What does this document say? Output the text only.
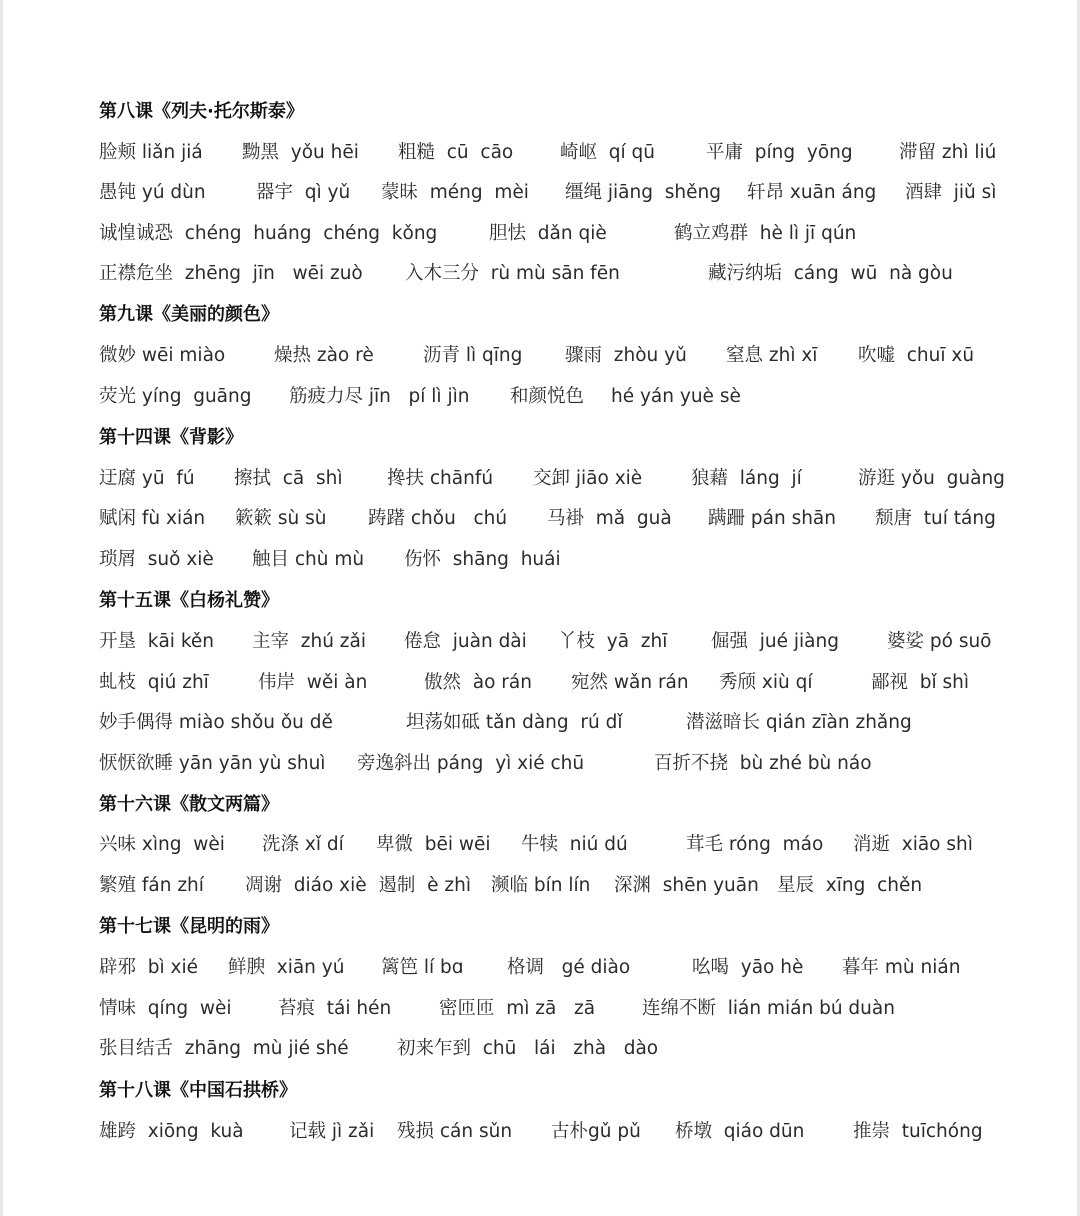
第八课《列夫·托尔斯泰》
脸颊 liǎn jiá 黝黑  yǒu hēi 粗糙  cū  cāo	崎岖  qí qū	平庸  píng  yōng	滞留 zhì liú
愚钝 yú dùn	器宇  qì yǔ 蒙昧  méng  mèi 缰绳 jiāng  shěng 轩昂 xuān áng 酒肆  jiǔ sì
诚惶诚恐  chéng  huáng  chéng  kǒng	胆怯  dǎn qiè	鹤立鸡群  hè lì jī qún
正襟危坐  zhēng  jīn   wēi zuò 入木三分  rù mù sān fēn	藏污纳垢  cáng  wū  nà gòu
第九课《美丽的颜色》
微妙 wēi miào	燥热 zào rè	沥青 lì qīng 骤雨  zhòu yǔ 窒息 zhì xī 吹嘘  chuī xū
荧光 yíng  guāng 筋疲力尽 jīn   pí lì jìn 和颜悦色 hé yán yuè sè
第十四课《背影》
迂腐 yū  fú 擦拭  cā  shì 搀扶 chānfú 交卸 jiāo xiè	狼藉  láng  jí	游逛 yǒu  guàng
赋闲 fù xián 簌簌 sù sù 踌躇 chǒu   chú 马褂  mǎ  guà 蹒跚 pán shān 颓唐  tuí táng
琐屑  suǒ xiè 触目 chù mù 伤怀  shāng  huái
第十五课《白杨礼赞》
开垦  kāi kěn 主宰  zhú zǎi 倦怠  juàn dài 丫枝  yā  zhī 倔强  jué jiàng	婆娑 pó suō
虬枝  qiú zhī	伟岸  wěi àn	傲然  ào rán 宛然 wǎn rán 秀颀 xiù qí	鄙视  bǐ shì
妙手偶得 miào shǒu ǒu dě	坦荡如砥 tǎn dàng  rú dǐ	潜滋暗长 qián zīàn zhǎng
恹恹欲睡 yān yān yù shuì 旁逸斜出 páng  yì xié chū	百折不挠  bù zhé bù náo
第十六课《散文两篇》
兴味 xìng  wèi 洗涤 xǐ dí 卑微  bēi wēi 牛犊  niú dú	茸毛 róng  máo 消逝  xiāo shì
繁殖 fán zhí 凋谢  diáo xiè  遏制  è zhì 濒临 bín lín 深渊  shēn yuān 星辰  xīng  chěn
第十七课《昆明的雨》
辟邪  bì xié 鲜腴  xiān yú 篱笆 lí bɑ 格调   gé diào	吆喝  yāo hè 暮年 mù nián
情味  qíng  wèi	苔痕  tái hén	密匝匝  mì zā   zā	连绵不断  lián mián bú duàn
张目结舌  zhāng  mù jié shé	初来乍到  chū   lái   zhà   dào
第十八课《中国石拱桥》
雄跨  xiōng  kuà 记载 jì zǎi 残损 cán sǔn 古朴gǔ pǔ 桥墩  qiáo dūn	推崇  tuīchóng
